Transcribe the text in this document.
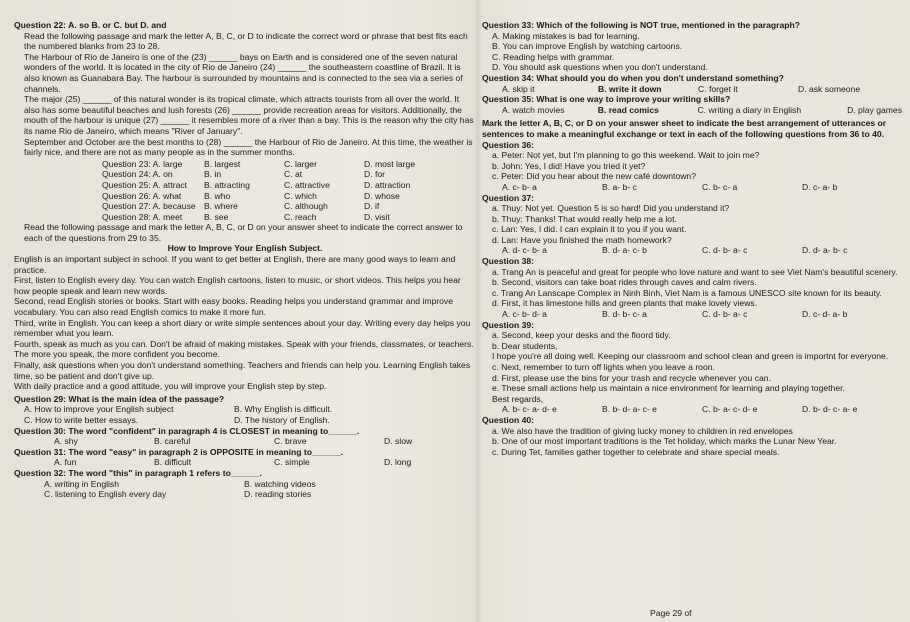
Question 22: A. so B. or C. but D. and

Read the following passage and mark the letter A, B, C, or D to indicate the correct word or phrase that best fits each the numbered blanks from 23 to 28.

The Harbour of Rio de Janeiro is one of the (23) ______ bays on Earth and is considered one of the seven natural wonders of the world. It is located in the city of Rio de Janeiro (24) ______ the southeastern coastline of Brazil. It is also known as Guanabara Bay. The harbour is surrounded by mountains and is connected to the sea via a series of channels.

The major (25) ______ of this natural wonder is its tropical climate, which attracts tourists from all over the world. It also has some beautiful beaches and lush forests (26) ______ provide recreation areas for visitors. Additionally, the mouth of the harbour is unique (27) ______ it resembles more of a river than a bay. This is the reason why the city has its name Rio de Janeiro, which means "River of January".

September and October are the best months to (28) ______ the Harbour of Rio de Janeiro. At this time, the weather is fairly nice, and there are not as many people as in the summer months.

Question 23: A. large	B. largest	C. larger	D. most large
Question 24: A. on	B. in	C. at	D. for
Question 25: A. attract	B. attracting	C. attractive	D. attraction
Question 26: A. what	B. who	C. which	D. whose
Question 27: A. because B. where	C. although	D. if
Question 28: A. meet	B. see	C. reach	D. visit

Read the following passage and mark the letter A, B, C, or D on your answer sheet to indicate the correct answer to each of the questions from 29 to 35.

How to Improve Your English Subject.

English is an important subject in school. If you want to get better at English, there are many good ways to learn and practice.

First, listen to English every day. You can watch English cartoons, listen to music, or short videos. This helps you hear how people speak and learn new words.

Second, read English stories or books. Start with easy books. Reading helps you understand grammar and improve vocabulary. You can also read English comics to make it more fun.

Third, write in English. You can keep a short diary or write simple sentences about your day. Writing every day helps you remember what you learn.

Fourth, speak as much as you can. Don't be afraid of making mistakes. Speak with your friends, classmates, or teachers. The more you speak, the more confident you become.

Finally, ask questions when you don't understand something. Teachers and friends can help you. Learning English takes time, so be patient and don't give up.

With daily practice and a good attitude, you will improve your English step by step.

Question 29: What is the main idea of the passage?

A. How to improve your English subject	B. Why English is difficult.
C. How to write better essays.	D. The history of English.

Question 30: The word "confident" in paragraph 4 is CLOSEST in meaning to______.

A. shy	B. careful	C. brave	D. slow

Question 31: The word "easy" in paragraph 2 is OPPOSITE in meaning to______.

A. fun	B. difficult	C. simple	D. long

Question 32: The word "this" in paragraph 1 refers to______.

A. writing in English	B. watching videos
C. listening to English every day	D. reading stories

Question 33: Which of the following is NOT true, mentioned in the paragraph?

A. Making mistakes is bad for learning.

B. You can improve English by watching cartoons.

C. Reading helps with grammar.

D. You should ask questions when you don't understand.

Question 34: What should you do when you don't understand something?

A. skip it	B. write it down	C. forget it	D. ask someone

Question 35: What is one way to improve your writing skills?

A. watch movies	B. read comics	C. writing a diary in English	D. play games

Mark the letter A, B, C, or D on your answer sheet to indicate the best arrangement of utterances or sentences to make a meaningful exchange or text in each of the following questions from 36 to 40.

Question 36:

a. Peter: Not yet, but I'm planning to go this weekend. Wait to join me?

b. John: Yes, I did! Have you tried it yet?

c. Peter: Did you hear about the new café downtown?

A. c- b- a	B. a- b- c	C. b- c- a	D. c- a- b

Question 37:

a. Thuy: Not yet. Question 5 is so hard! Did you understand it?

b. Thuy: Thanks! That would really help me a lot.

c. Lan: Yes, I did. I can explain it to you if you want.

d. Lan: Have you finished the math homework?

A. d- c- b- a	B. d- a- c- b	C. d- b- a- c	D. d- a- b- c

Question 38:

a. Trang An is peaceful and great for people who love nature and want to see Viet Nam's beautiful scenery.

b. Second, visitors can take boat rides through caves and calm rivers.

c. Trang An Lanscape Complex in Ninh Binh, Viet Nam is a famous UNESCO site known for its beauty.

d. First, it has limestone hills and green plants that make lovely views.

A. c- b- d- a	B. d- b- c- a	C. d- b- a- c	D. c- d- a- b

Question 39:

a. Second, keep your desks and the floord tidy.

b. Dear students,

I hope you're all doing well. Keeping our classroom and school clean and green is importnt for everyone.

c. Next, remember to turn off lights when you leave a roon.

d. First, please use the bins for your trash and recycle whenever you can.

e. These small actions help us maintain a nice environment for learning and playing together.

Best regards,

A. b- c- a- d- e	B. b- d- a- c- e	C. b- a- c- d- e	D. b- d- c- a- e

Question 40:

a. We also have the tradition of giving lucky money to children in red envelopes

b. One of our most important traditions is the Tet holiday, which marks the Lunar New Year.

c. During Tet, families gather together to celebrate and share special meals.

Page 29 of
